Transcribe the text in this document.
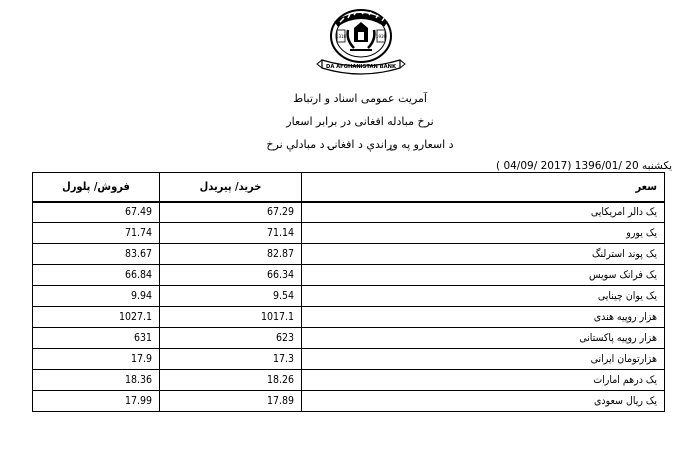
1318	1939
DA AFGHANISTAN BANK
آمریت عمومی اسناد و ارتباط
نرخ مبادله افغانی در برابر اسعار
د اسعارو په وړاندې د افغانۍ د مبادلې نرخ
یکشنبه 20 /1396/01 (2017 /04/09 )
فروش/ پلورل	خرید/ پیریدل	سعر
67.49	67.29	یک دالر امریکایی
71.74	71.14	یک یورو
83.67	82.87	یک پوند استرلنگ
66.84	66.34	یک فرانک سویس
9.94	9.54	یک یوان چینایی
1027.1	1017.1	هزار روپیه هندی
631	623	هزار روپیه پاکستانی
17.9	17.3	هزارتومان ایرانی
18.36	18.26	یک درهم امارات
17.99	17.89	یک ریال سعودی
